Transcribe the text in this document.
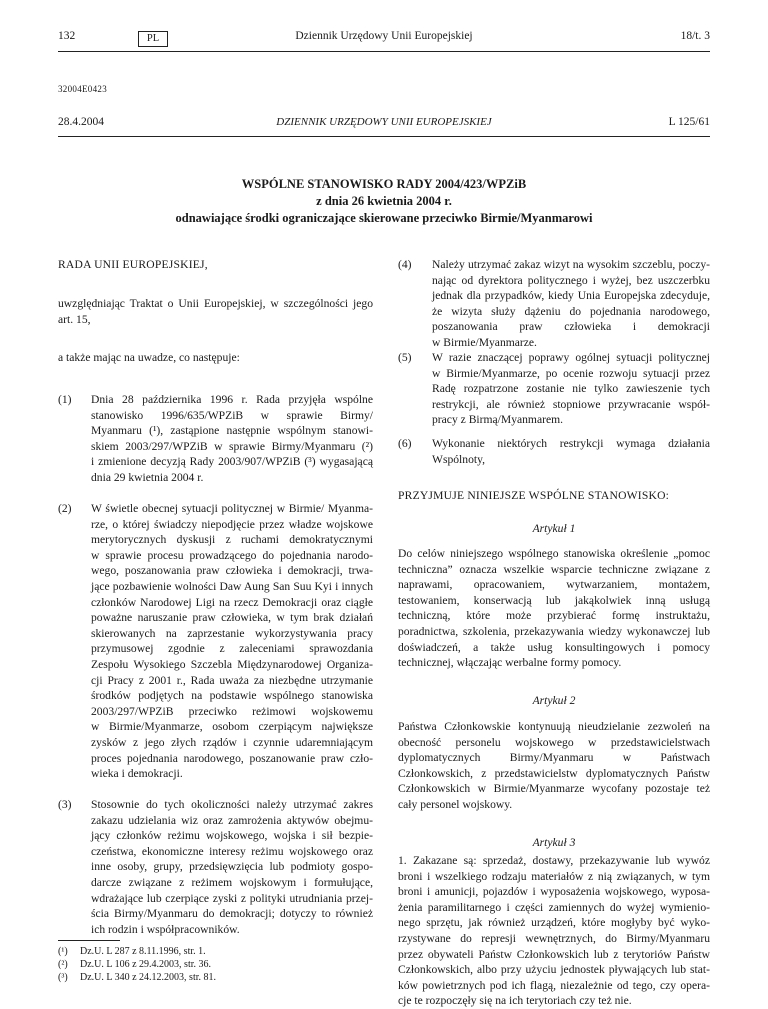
132	PL	Dziennik Urzędowy Unii Europejskiej	18/t. 3
32004E0423
28.4.2004	DZIENNIK URZĘDOWY UNII EUROPEJSKIEJ	L 125/61
WSPÓLNE STANOWISKO RADY 2004/423/WPZiB
z dnia 26 kwietnia 2004 r.
odnawiające środki ograniczające skierowane przeciwko Birmie/Myanmarowi
RADA UNII EUROPEJSKIEJ,
uwzględniając Traktat o Unii Europejskiej, w szczególności jego art. 15,
a także mając na uwadze, co następuje:
(1) Dnia 28 października 1996 r. Rada przyjęła wspólne
stanowisko 1996/635/WPZiB w sprawie Birmy/
Myanmaru (¹), zastąpione następnie wspólnym stanowi-
skiem 2003/297/WPZiB w sprawie Birmy/Myanmaru (²)
i zmienione decyzją Rady 2003/907/WPZiB (³) wygasającą
dnia 29 kwietnia 2004 r.
(2) W świetle obecnej sytuacji politycznej w Birmie/ Myanma-
rze, o której świadczy niepodjęcie przez władze wojskowe
merytorycznych dyskusji z ruchami demokratycznymi
w sprawie procesu prowadzącego do pojednania narodo-
wego, poszanowania praw człowieka i demokracji, trwa-
jące pozbawienie wolności Daw Aung San Suu Kyi i innych
członków Narodowej Ligi na rzecz Demokracji oraz ciągłe
poważne naruszanie praw człowieka, w tym brak działań
skierowanych na zaprzestanie wykorzystywania pracy
przymusowej zgodnie z zaleceniami sprawozdania
Zespołu Wysokiego Szczebla Międzynarodowej Organiza-
cji Pracy z 2001 r., Rada uważa za niezbędne utrzymanie
środków podjętych na podstawie wspólnego stanowiska
2003/297/WPZiB przeciwko reżimowi wojskowemu
w Birmie/Myanmarze, osobom czerpiącym największe
zysków z jego złych rządów i czynnie udaremniającym
proces pojednania narodowego, poszanowanie praw czło-
wieka i demokracji.
(3) Stosownie do tych okoliczności należy utrzymać zakres
zakazu udzielania wiz oraz zamrożenia aktywów obejmu-
jący członków reżimu wojskowego, wojska i sił bezpie-
czeństwa, ekonomiczne interesy reżimu wojskowego oraz
inne osoby, grupy, przedsięwzięcia lub podmioty gospo-
darcze związane z reżimem wojskowym i formułujące,
wdrażające lub czerpiące zyski z polityki utrudniania przej-
ścia Birmy/Myanmaru do demokracji; dotyczy to również
ich rodzin i współpracowników.
(¹) Dz.U. L 287 z 8.11.1996, str. 1.
(²) Dz.U. L 106 z 29.4.2003, str. 36.
(³) Dz.U. L 340 z 24.12.2003, str. 81.
(4) Należy utrzymać zakaz wizyt na wysokim szczeblu, poczy-
nając od dyrektora politycznego i wyżej, bez uszczerbku
jednak dla przypadków, kiedy Unia Europejska zdecyduje,
że wizyta służy dążeniu do pojednania narodowego,
poszanowania praw człowieka i demokracji
w Birmie/Myanmarze.
(5) W razie znaczącej poprawy ogólnej sytuacji politycznej
w Birmie/Myanmarze, po ocenie rozwoju sytuacji przez
Radę rozpatrzone zostanie nie tylko zawieszenie tych
restrykcji, ale również stopniowe przywracanie współ-
pracy z Birmą/Myanmarem.
(6) Wykonanie niektórych restrykcji wymaga działania
Wspólnoty,
PRZYJMUJE NINIEJSZE WSPÓLNE STANOWISKO:
Artykuł 1
Do celów niniejszego wspólnego stanowiska określenie „pomoc
techniczna” oznacza wszelkie wsparcie techniczne związane z
naprawami, opracowaniem, wytwarzaniem, montażem,
testowaniem, konserwacją lub jakąkolwiek inną usługą
techniczną, które może przybierać formę instruktażu,
poradnictwa, szkolenia, przekazywania wiedzy wykonawczej lub
doświadczeń, a także usług konsultingowych i pomocy
technicznej, włączając werbalne formy pomocy.
Artykuł 2
Państwa Członkowskie kontynuują nieudzielanie zezwoleń na
obecność personelu wojskowego w przedstawicielstwach
dyplomatycznych Birmy/Myanmaru w Państwach
Członkowskich, z przedstawicielstw dyplomatycznych Państw
Członkowskich w Birmie/Myanmarze wycofany pozostaje też
cały personel wojskowy.
Artykuł 3
1. Zakazane są: sprzedaż, dostawy, przekazywanie lub wywóz
broni i wszelkiego rodzaju materiałów z nią związanych, w tym
broni i amunicji, pojazdów i wyposażenia wojskowego, wyposa-
żenia paramilitarnego i części zamiennych do wyżej wymienio-
nego sprzętu, jak również urządzeń, które mogłyby być wyko-
rzystywane do represji wewnętrznych, do Birmy/Myanmaru
przez obywateli Państw Członkowskich lub z terytoriów Państw
Członkowskich, albo przy użyciu jednostek pływających lub stat-
ków powietrznych pod ich flagą, niezależnie od tego, czy opera-
cje te rozpoczęły się na ich terytoriach czy też nie.
